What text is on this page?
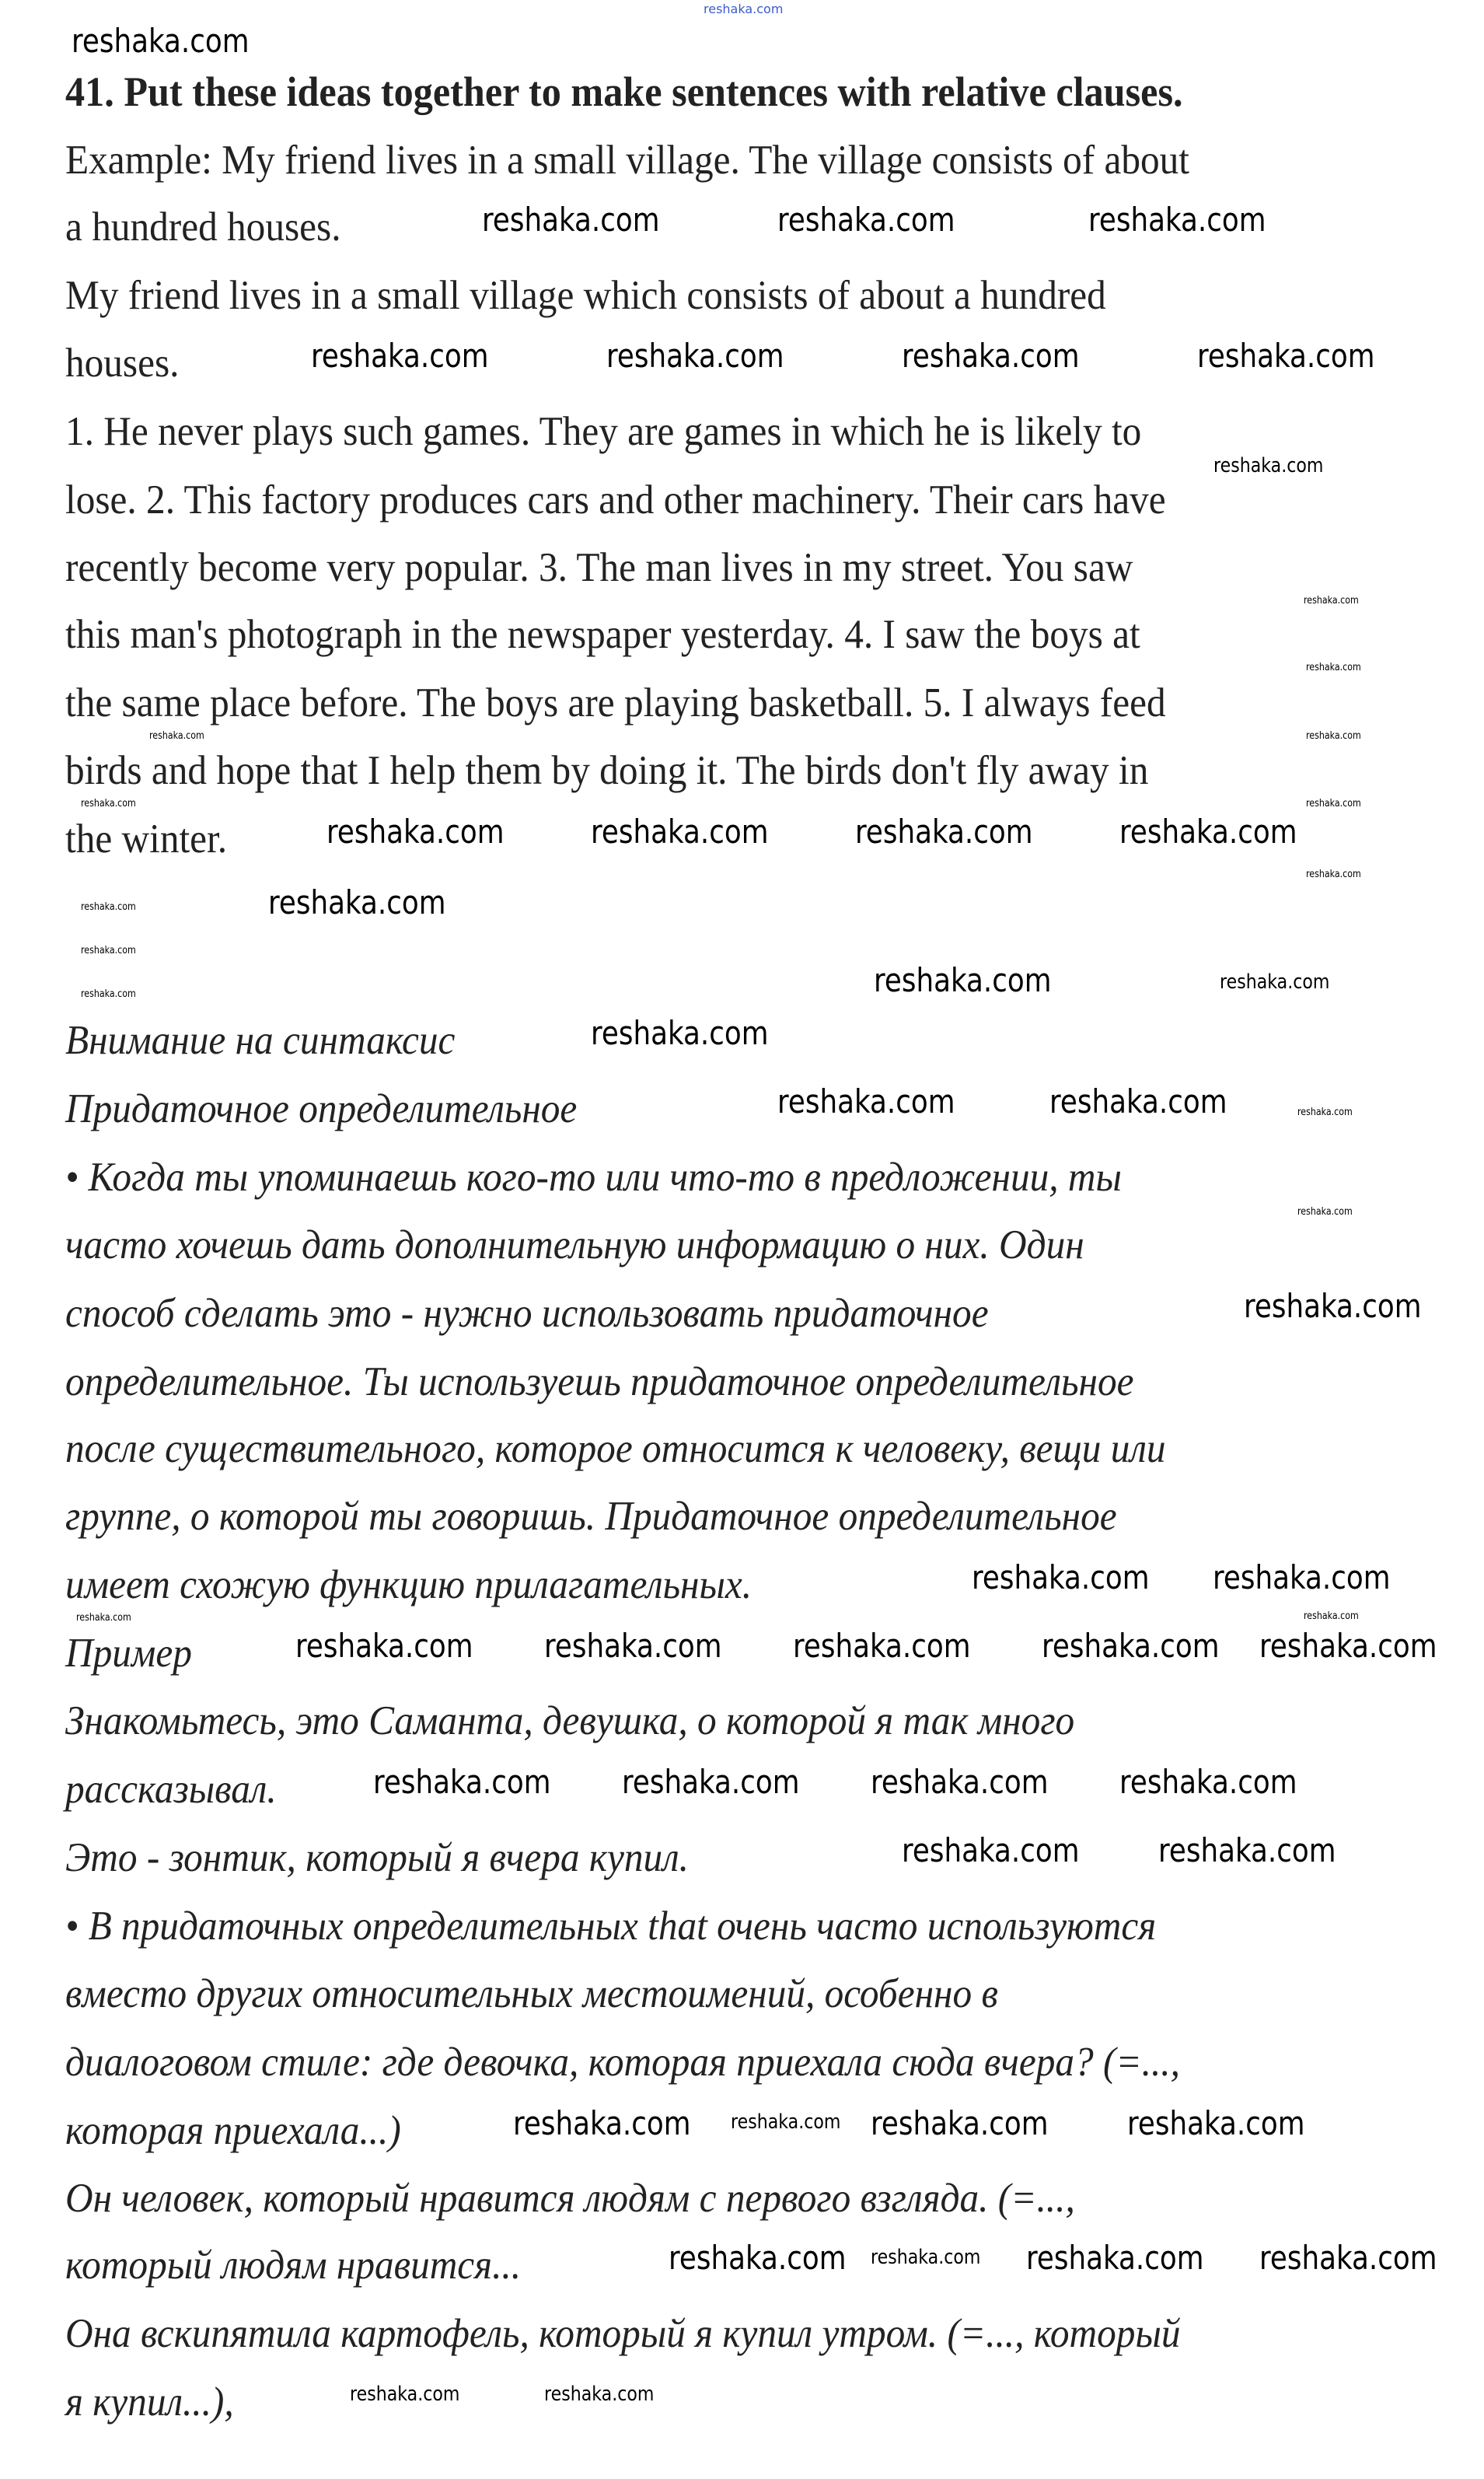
reshaka.com
41. Put these ideas together to make sentences with relative clauses.
Example: My friend lives in a small village. The village consists of about
a hundred houses.
My friend lives in a small village which consists of about a hundred
houses.
1. He never plays such games. They are games in which he is likely to
lose. 2. This factory produces cars and other machinery. Their cars have
recently become very popular. 3. The man lives in my street. You saw
this man's photograph in the newspaper yesterday. 4. I saw the boys at
the same place before. The boys are playing basketball. 5. I always feed
birds and hope that I help them by doing it. The birds don't fly away in
the winter.
Внимание на синтаксис
Придаточное определительное
• Когда ты упоминаешь кого-то или что-то в предложении, ты
часто хочешь дать дополнительную информацию о них. Один
способ сделать это - нужно использовать придаточное
определительное. Ты используешь придаточное определительное
после существительного, которое относится к человеку, вещи или
группе, о которой ты говоришь. Придаточное определительное
имеет схожую функцию прилагательных.
Пример
Знакомьтесь, это Саманта, девушка, о которой я так много
рассказывал.
Это - зонтик, который я вчера купил.
• В придаточных определительных that очень часто используются
вместо других относительных местоимений, особенно в
диалоговом стиле: где девочка, которая приехала сюда вчера? (=...,
которая приехала...)
Он человек, который нравится людям с первого взгляда. (=...,
который людям нравится...
Она вскипятила картофель, который я купил утром. (=..., который
я купил...),
reshaka.com
reshaka.com	reshaka.com	reshaka.com
reshaka.com	reshaka.com	reshaka.com	reshaka.com
reshaka.com
reshaka.com
reshaka.com
reshaka.com	reshaka.com
reshaka.com
reshaka.com
reshaka.com	reshaka.com	reshaka.com	reshaka.com
reshaka.com
reshaka.com
reshaka.com
reshaka.com
reshaka.com	reshaka.com	reshaka.com
reshaka.com
reshaka.com
reshaka.com	reshaka.com
reshaka.com
reshaka.com
reshaka.com reshaka.com
reshaka.com
reshaka.com
reshaka.com reshaka.com reshaka.com reshaka.com reshaka.com
reshaka.com reshaka.com reshaka.com reshaka.com
reshaka.com reshaka.com
reshaka.com reshaka.com reshaka.com reshaka.com
reshaka.com reshaka.com reshaka.com reshaka.com
reshaka.com	reshaka.com
